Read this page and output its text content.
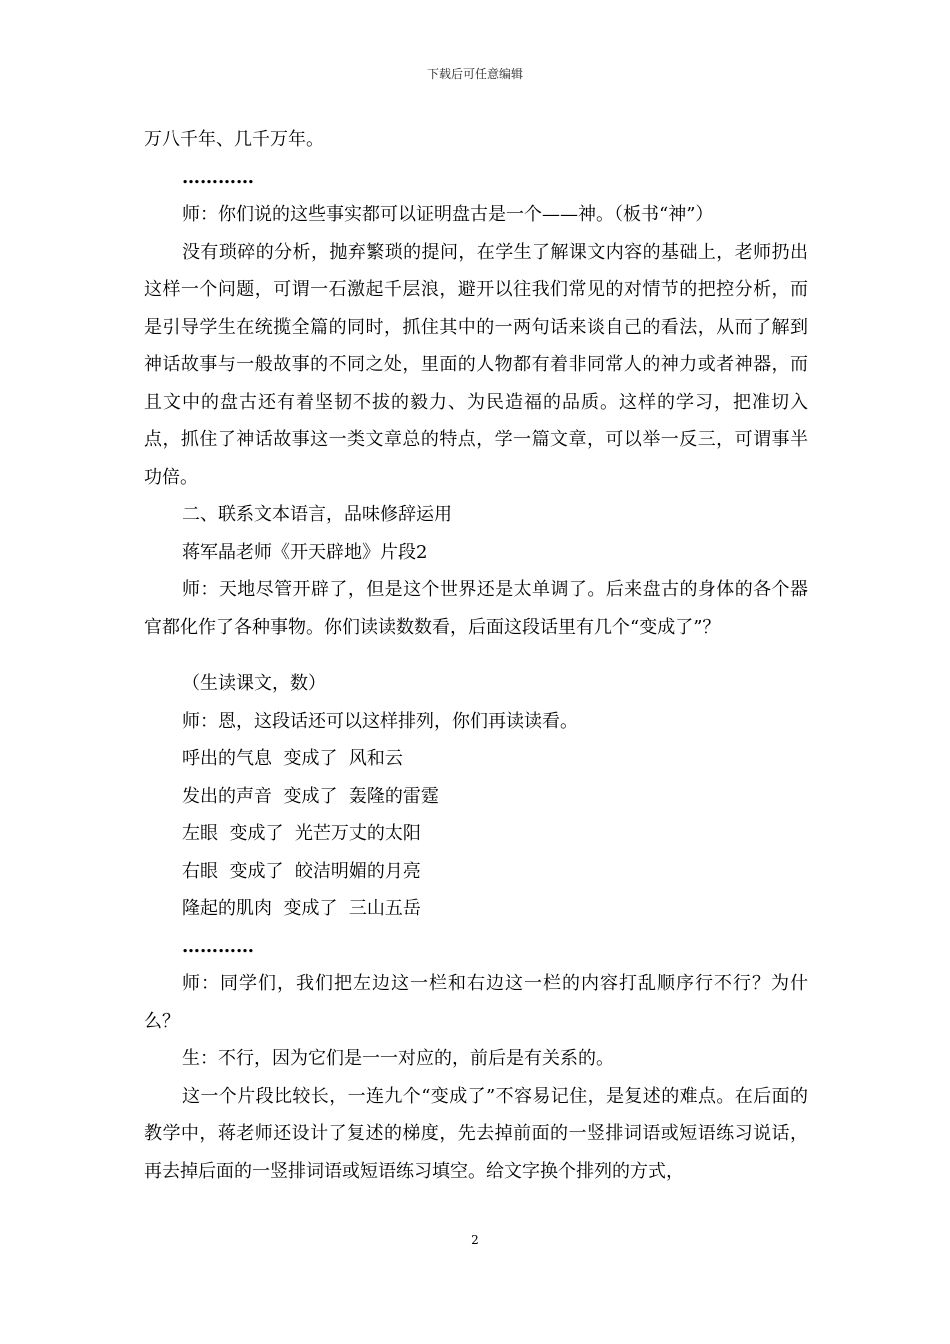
下载后可任意编辑

万八千年、几千万年。

…………

师：你们说的这些事实都可以证明盘古是一个——神。（板书“神”）

没有琐碎的分析，抛弃繁琐的提问，在学生了解课文内容的基础上，老师扔出这样一个问题，可谓一石激起千层浪，避开以往我们常见的对情节的把控分析，而是引导学生在统揽全篇的同时，抓住其中的一两句话来谈自己的看法，从而了解到神话故事与一般故事的不同之处，里面的人物都有着非同常人的神力或者神器，而且文中的盘古还有着坚韧不拔的毅力、为民造福的品质。这样的学习，把准切入点，抓住了神话故事这一类文章总的特点，学一篇文章，可以举一反三，可谓事半功倍。

二、联系文本语言，品味修辞运用

蒋军晶老师《开天辟地》片段2

师：天地尽管开辟了，但是这个世界还是太单调了。后来盘古的身体的各个器官都化作了各种事物。你们读读数数看，后面这段话里有几个“变成了”？

（生读课文，数）

师：恩，这段话还可以这样排列，你们再读读看。

呼出的气息  变成了  风和云

发出的声音  变成了  轰隆的雷霆

左眼  变成了  光芒万丈的太阳

右眼  变成了  皎洁明媚的月亮

隆起的肌肉  变成了  三山五岳

…………

师：同学们，我们把左边这一栏和右边这一栏的内容打乱顺序行不行？为什么？

生：不行，因为它们是一一对应的，前后是有关系的。

这一个片段比较长，一连九个“变成了”不容易记住，是复述的难点。在后面的教学中，蒋老师还设计了复述的梯度，先去掉前面的一竖排词语或短语练习说话，再去掉后面的一竖排词语或短语练习填空。给文字换个排列的方式，

2
